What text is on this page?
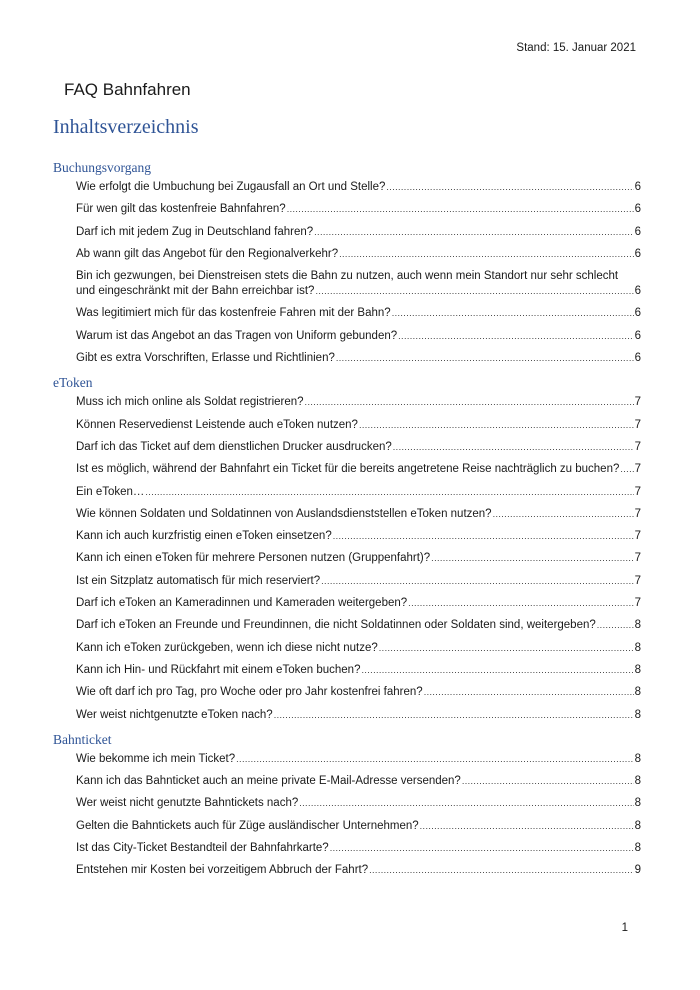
Stand: 15. Januar 2021
FAQ Bahnfahren
Inhaltsverzeichnis
Buchungsvorgang
Wie erfolgt die Umbuchung bei Zugausfall an Ort und Stelle? .....	6
Für wen gilt das kostenfreie Bahnfahren? .....	6
Darf ich mit jedem Zug in Deutschland fahren? .....	6
Ab wann gilt das Angebot für den Regionalverkehr? .....	6
Bin ich gezwungen, bei Dienstreisen stets die Bahn zu nutzen, auch wenn mein Standort nur sehr schlecht
und eingeschränkt mit der Bahn erreichbar ist? .....	6
Was legitimiert mich für das kostenfreie Fahren mit der Bahn? .....	6
Warum ist das Angebot an das Tragen von Uniform gebunden? .....	6
Gibt es extra Vorschriften, Erlasse und Richtlinien? .....	6
eToken
Muss ich mich online als Soldat registrieren? .....	7
Können Reservedienst Leistende auch eToken nutzen? .....	7
Darf ich das Ticket auf dem dienstlichen Drucker ausdrucken? .....	7
Ist es möglich, während der Bahnfahrt ein Ticket für die bereits angetretene Reise nachträglich zu buchen? ..... 7
Ein eToken… .....	7
Wie können Soldaten und Soldatinnen von Auslandsdienststellen eToken nutzen? .....	7
Kann ich auch kurzfristig einen eToken einsetzen? .....	7
Kann ich einen eToken für mehrere Personen nutzen (Gruppenfahrt)? .....	7
Ist ein Sitzplatz automatisch für mich reserviert? .....	7
Darf ich eToken an Kameradinnen und Kameraden weitergeben? .....	7
Darf ich eToken an Freunde und Freundinnen, die nicht Soldatinnen oder Soldaten sind, weitergeben? .....	8
Kann ich eToken zurückgeben, wenn ich diese nicht nutze? .....	8
Kann ich Hin- und Rückfahrt mit einem eToken buchen? .....	8
Wie oft darf ich pro Tag, pro Woche oder pro Jahr kostenfrei fahren? .....	8
Wer weist nichtgenutzte eToken nach? .....	8
Bahnticket
Wie bekomme ich mein Ticket? .....	8
Kann ich das Bahnticket auch an meine private E-Mail-Adresse versenden? .....	8
Wer weist nicht genutzte Bahntickets nach? .....	8
Gelten die Bahntickets auch für Züge ausländischer Unternehmen? .....	8
Ist das City-Ticket Bestandteil der Bahnfahrkarte? .....	8
Entstehen mir Kosten bei vorzeitigem Abbruch der Fahrt? .....	9
1
